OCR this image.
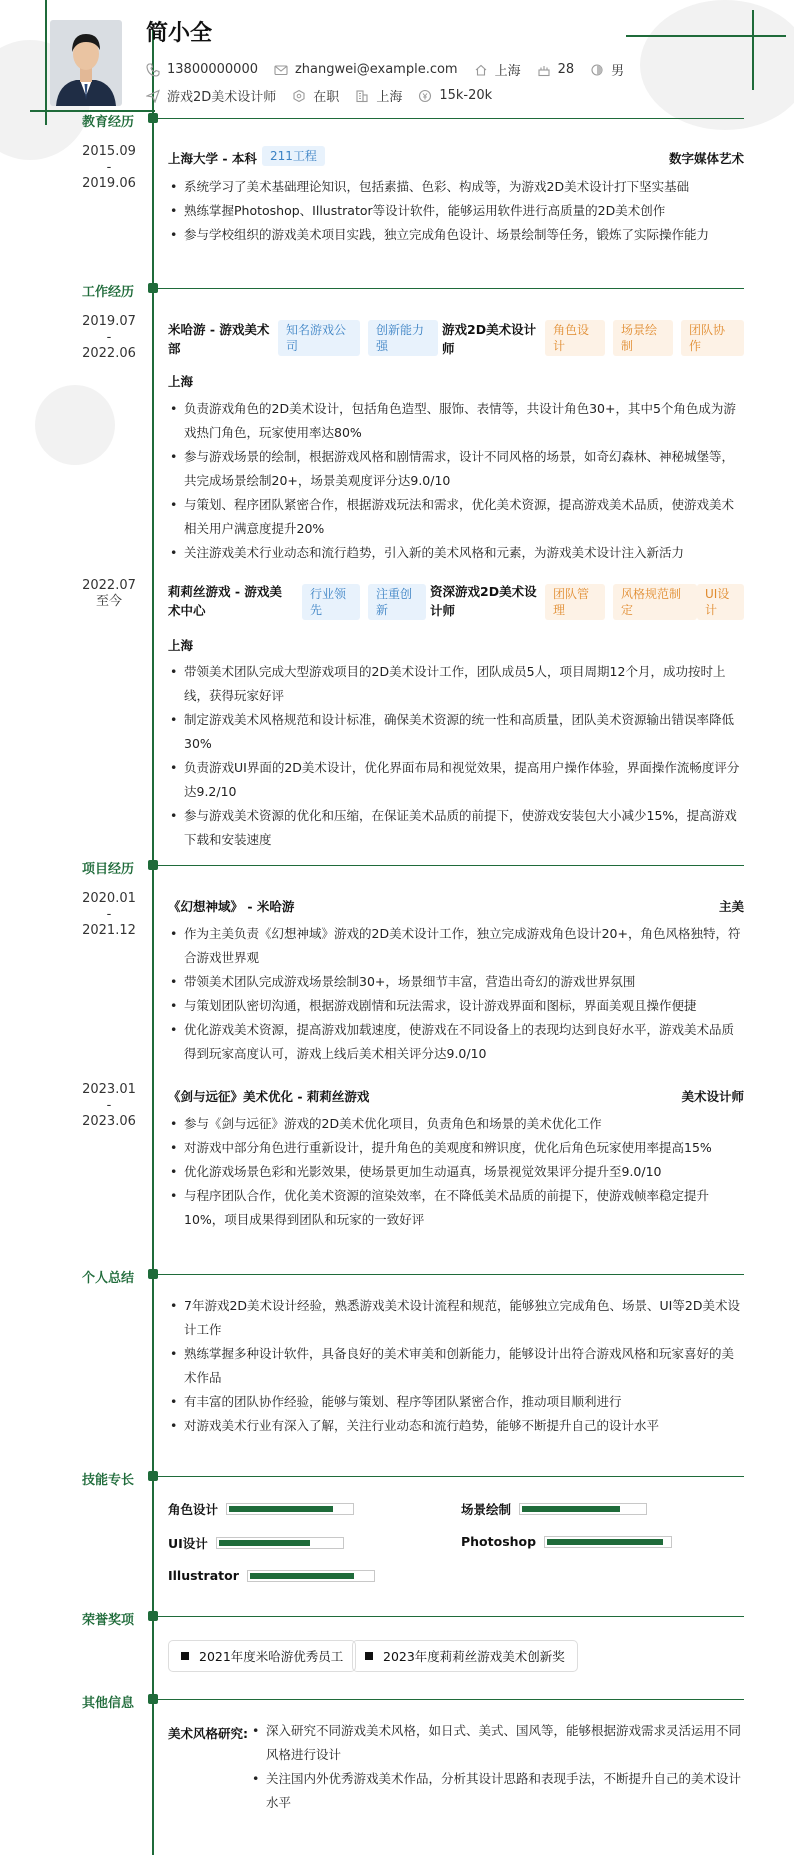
简小全
13800000000	zhangwei@example.com	上海	28	男
游戏2D美术设计师	在职	上海	15k-20k
教育经历
2015.09
-
2019.06
上海大学 - 本科	211工程	数字媒体艺术
• 系统学习了美术基础理论知识，包括素描、色彩、构成等，为游戏2D美术设计打下坚实基础
• 熟练掌握Photoshop、Illustrator等设计软件，能够运用软件进行高质量的2D美术创作
• 参与学校组织的游戏美术项目实践，独立完成角色设计、场景绘制等任务，锻炼了实际操作能力
工作经历
2019.07
-
2022.06
米哈游 - 游戏美术部
知名游戏公司
创新能力强
游戏2D美术设计师
角色设计
场景绘制
团队协作
上海
• 负责游戏角色的2D美术设计，包括角色造型、服饰、表情等，共设计角色30+，其中5个角色成为游戏热门角色，玩家使用率达80%
• 参与游戏场景的绘制，根据游戏风格和剧情需求，设计不同风格的场景，如奇幻森林、神秘城堡等，共完成场景绘制20+，场景美观度评分达9.0/10
• 与策划、程序团队紧密合作，根据游戏玩法和需求，优化美术资源，提高游戏美术品质，使游戏美术相关用户满意度提升20%
• 关注游戏美术行业动态和流行趋势，引入新的美术风格和元素，为游戏美术设计注入新活力
2022.07
至今
莉莉丝游戏 - 游戏美术中心
行业领先
注重创新
资深游戏2D美术设计师
团队管理
风格规范制定
UI设计
上海
• 带领美术团队完成大型游戏项目的2D美术设计工作，团队成员5人，项目周期12个月，成功按时上线，获得玩家好评
• 制定游戏美术风格规范和设计标准，确保美术资源的统一性和高质量，团队美术资源输出错误率降低30%
• 负责游戏UI界面的2D美术设计，优化界面布局和视觉效果，提高用户操作体验，界面操作流畅度评分达9.2/10
• 参与游戏美术资源的优化和压缩，在保证美术品质的前提下，使游戏安装包大小减少15%，提高游戏下载和安装速度
项目经历
2020.01
-
2021.12
《幻想神域》 - 米哈游	主美
• 作为主美负责《幻想神域》游戏的2D美术设计工作，独立完成游戏角色设计20+，角色风格独特，符合游戏世界观
• 带领美术团队完成游戏场景绘制30+，场景细节丰富，营造出奇幻的游戏世界氛围
• 与策划团队密切沟通，根据游戏剧情和玩法需求，设计游戏界面和图标，界面美观且操作便捷
• 优化游戏美术资源，提高游戏加载速度，使游戏在不同设备上的表现均达到良好水平，游戏美术品质得到玩家高度认可，游戏上线后美术相关评分达9.0/10
2023.01
-
2023.06
《剑与远征》美术优化 - 莉莉丝游戏	美术设计师
• 参与《剑与远征》游戏的2D美术优化项目，负责角色和场景的美术优化工作
• 对游戏中部分角色进行重新设计，提升角色的美观度和辨识度，优化后角色玩家使用率提高15%
• 优化游戏场景色彩和光影效果，使场景更加生动逼真，场景视觉效果评分提升至9.0/10
• 与程序团队合作，优化美术资源的渲染效率，在不降低美术品质的前提下，使游戏帧率稳定提升10%，项目成果得到团队和玩家的一致好评
个人总结
• 7年游戏2D美术设计经验，熟悉游戏美术设计流程和规范，能够独立完成角色、场景、UI等2D美术设计工作
• 熟练掌握多种设计软件，具备良好的美术审美和创新能力，能够设计出符合游戏风格和玩家喜好的美术作品
• 有丰富的团队协作经验，能够与策划、程序等团队紧密合作，推动项目顺利进行
• 对游戏美术行业有深入了解，关注行业动态和流行趋势，能够不断提升自己的设计水平
技能专长
角色设计	场景绘制
UI设计	Photoshop
Illustrator
荣誉奖项
2021年度米哈游优秀员工	2023年度莉莉丝游戏美术创新奖
其他信息
美术风格研究:
•	深入研究不同游戏美术风格，如日式、美式、国风等，能够根据游戏需求灵活运用不同风格进行设计
• 关注国内外优秀游戏美术作品，分析其设计思路和表现手法，不断提升自己的美术设计水平
